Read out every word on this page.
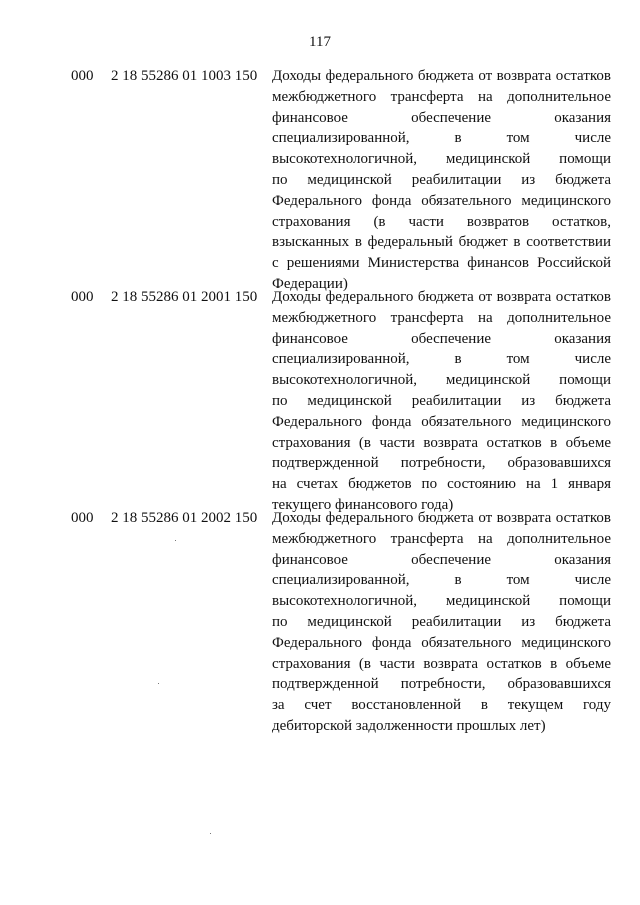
117
000 2 18 55286 01 1003 150 Доходы федерального бюджета от возврата остатков
межбюджетного трансферта на дополнительное
финансовое обеспечение оказания
специализированной, в том числе
высокотехнологичной, медицинской помощи
по медицинской реабилитации из бюджета
Федерального фонда обязательного медицинского
страхования (в части возвратов остатков,
взысканных в федеральный бюджет в соответствии
с решениями Министерства финансов Российской
Федерации)
000 2 18 55286 01 2001 150 Доходы федерального бюджета от возврата остатков
межбюджетного трансферта на дополнительное
финансовое обеспечение оказания
специализированной, в том числе
высокотехнологичной, медицинской помощи
по медицинской реабилитации из бюджета
Федерального фонда обязательного медицинского
страхования (в части возврата остатков в объеме
подтвержденной потребности, образовавшихся
на счетах бюджетов по состоянию на 1 января
текущего финансового года)
000 2 18 55286 01 2002 150 Доходы федерального бюджета от возврата остатков
межбюджетного трансферта на дополнительное
финансовое обеспечение оказания
специализированной, в том числе
высокотехнологичной, медицинской помощи
по медицинской реабилитации из бюджета
Федерального фонда обязательного медицинского
страхования (в части возврата остатков в объеме
подтвержденной потребности, образовавшихся
за счет восстановленной в текущем году
дебиторской задолженности прошлых лет)
